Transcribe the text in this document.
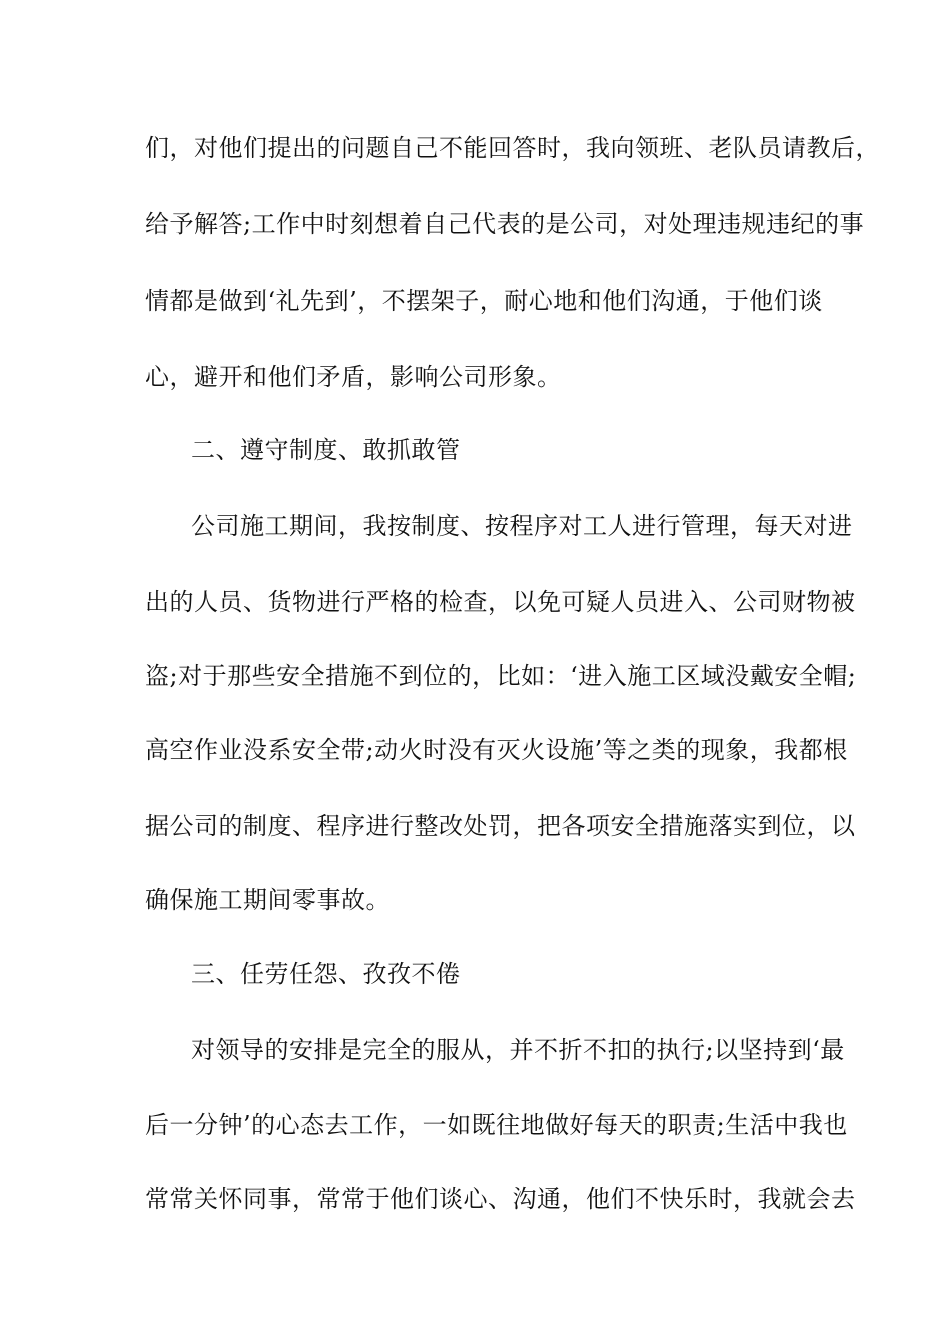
们，对他们提出的问题自己不能回答时，我向领班、老队员请教后，
给予解答;工作中时刻想着自己代表的是公司，对处理违规违纪的事
情都是做到‘礼先到’，不摆架子，耐心地和他们沟通，于他们谈
心，避开和他们矛盾，影响公司形象。
二、遵守制度、敢抓敢管
公司施工期间，我按制度、按程序对工人进行管理，每天对进
出的人员、货物进行严格的检查，以免可疑人员进入、公司财物被
盗;对于那些安全措施不到位的，比如：‘进入施工区域没戴安全帽;
高空作业没系安全带;动火时没有灭火设施’等之类的现象，我都根
据公司的制度、程序进行整改处罚，把各项安全措施落实到位，以
确保施工期间零事故。
三、任劳任怨、孜孜不倦
对领导的安排是完全的服从，并不折不扣的执行;以坚持到‘最
后一分钟’的心态去工作，一如既往地做好每天的职责;生活中我也
常常关怀同事，常常于他们谈心、沟通，他们不快乐时，我就会去
